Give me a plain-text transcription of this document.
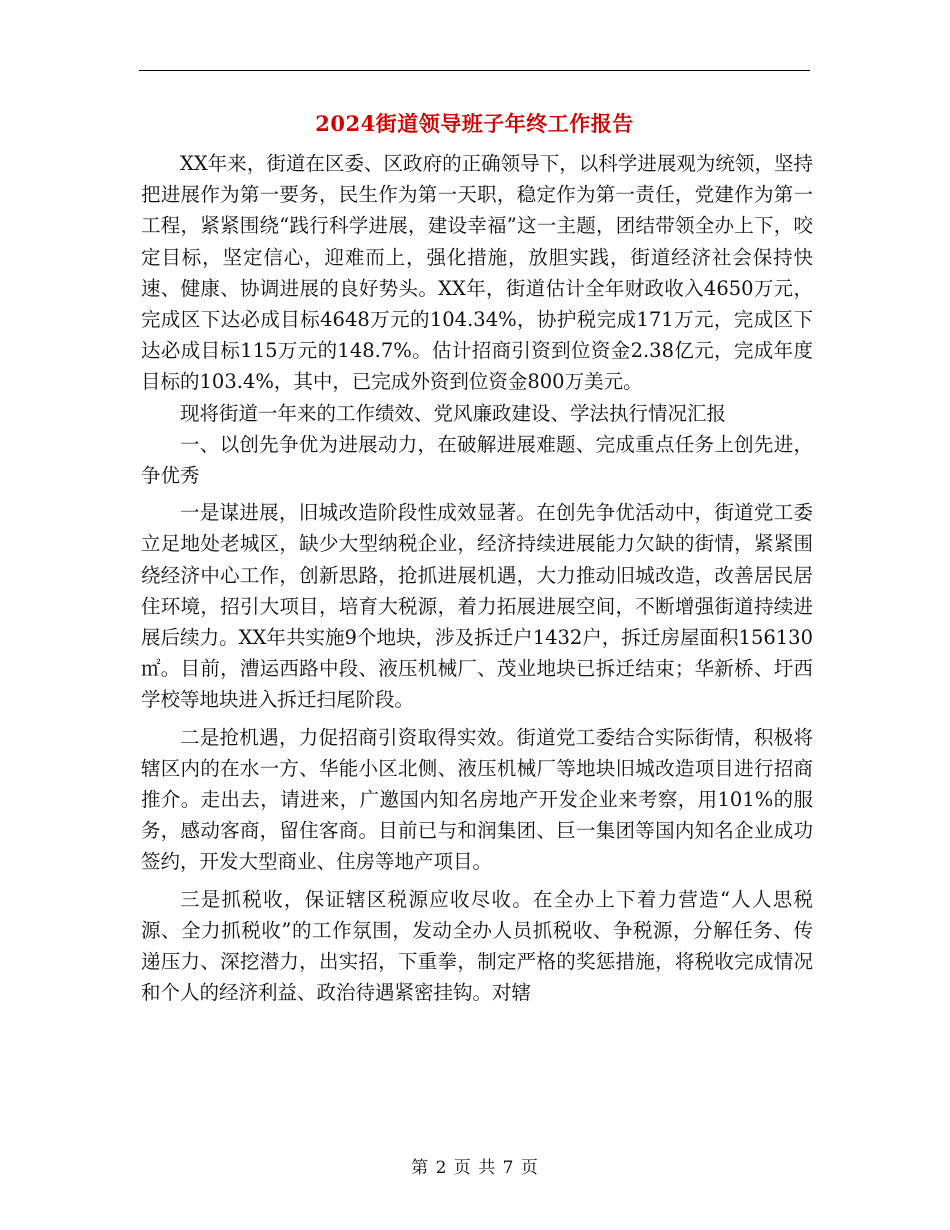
2024街道领导班子年终工作报告

XX年来，街道在区委、区政府的正确领导下，以科学进展观为统领，坚持把进展作为第一要务，民生作为第一天职，稳定作为第一责任，党建作为第一工程，紧紧围绕“践行科学进展，建设幸福”这一主题，团结带领全办上下，咬定目标，坚定信心，迎难而上，强化措施，放胆实践，街道经济社会保持快速、健康、协调进展的良好势头。XX年，街道估计全年财政收入4650万元，完成区下达必成目标4648万元的104.34%，协护税完成171万元，完成区下达必成目标115万元的148.7%。估计招商引资到位资金2.38亿元，完成年度目标的103.4%，其中，已完成外资到位资金800万美元。

现将街道一年来的工作绩效、党风廉政建设、学法执行情况汇报

一、以创先争优为进展动力，在破解进展难题、完成重点任务上创先进，争优秀

一是谋进展，旧城改造阶段性成效显著。在创先争优活动中，街道党工委立足地处老城区，缺少大型纳税企业，经济持续进展能力欠缺的街情，紧紧围绕经济中心工作，创新思路，抢抓进展机遇，大力推动旧城改造，改善居民居住环境，招引大项目，培育大税源，着力拓展进展空间，不断增强街道持续进展后续力。XX年共实施9个地块，涉及拆迁户1432户，拆迁房屋面积156130㎡。目前，漕运西路中段、液压机械厂、茂业地块已拆迁结束；华新桥、圩西学校等地块进入拆迁扫尾阶段。

二是抢机遇，力促招商引资取得实效。街道党工委结合实际街情，积极将辖区内的在水一方、华能小区北侧、液压机械厂等地块旧城改造项目进行招商推介。走出去，请进来，广邀国内知名房地产开发企业来考察，用101%的服务，感动客商，留住客商。目前已与和润集团、巨一集团等国内知名企业成功签约，开发大型商业、住房等地产项目。

三是抓税收，保证辖区税源应收尽收。在全办上下着力营造“人人思税源、全力抓税收”的工作氛围，发动全办人员抓税收、争税源，分解任务、传递压力、深挖潜力，出实招，下重拳，制定严格的奖惩措施，将税收完成情况和个人的经济利益、政治待遇紧密挂钩。对辖

第 2 页 共 7 页
